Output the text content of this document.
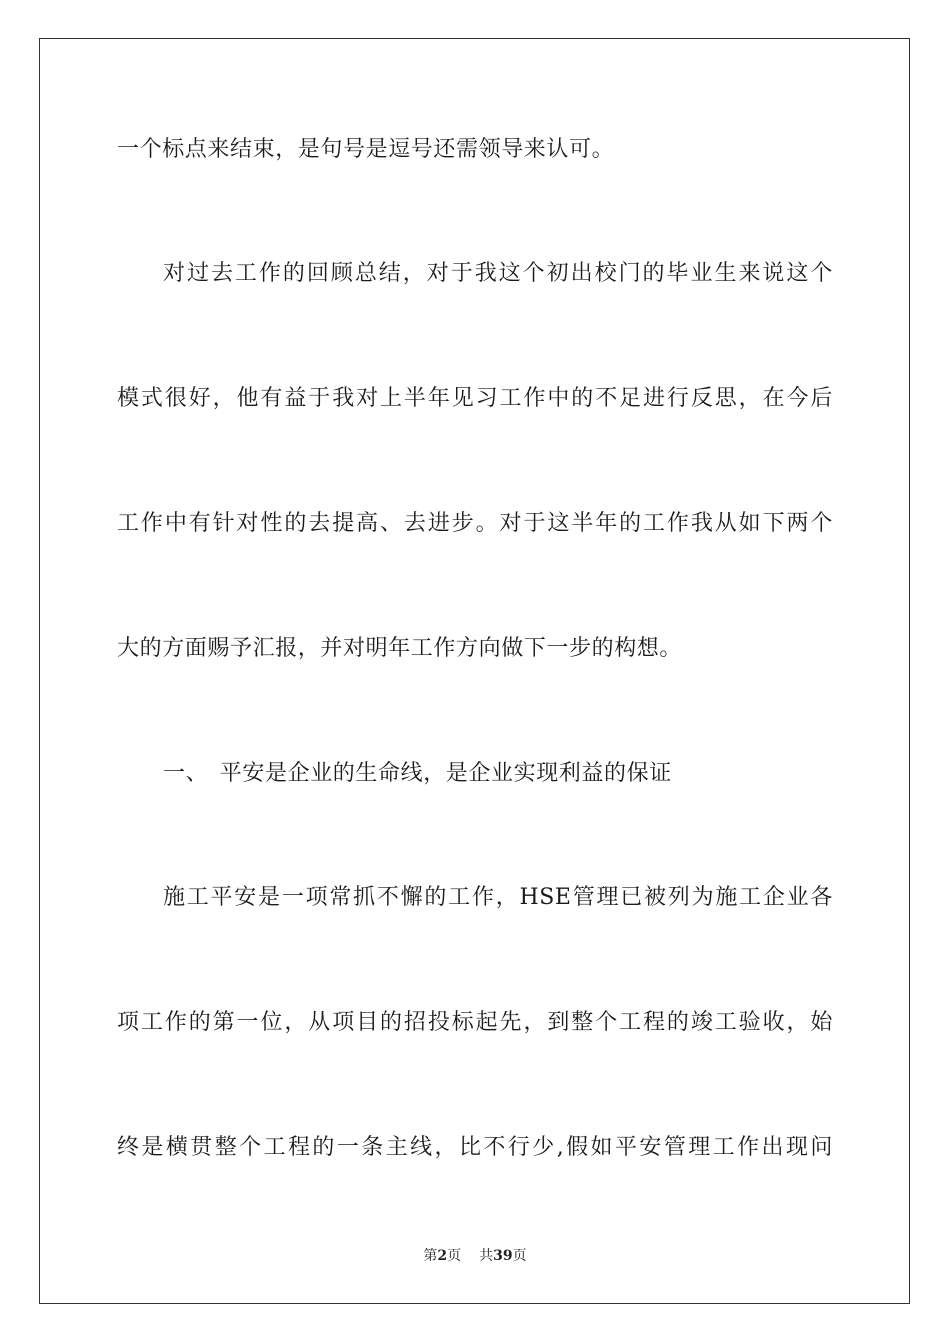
一个标点来结束，是句号是逗号还需领导来认可。
对过去工作的回顾总结，对于我这个初出校门的毕业生来说这个
模式很好，他有益于我对上半年见习工作中的不足进行反思，在今后
工作中有针对性的去提高、去进步。对于这半年的工作我从如下两个
大的方面赐予汇报，并对明年工作方向做下一步的构想。
一、　平安是企业的生命线，是企业实现利益的保证
施工平安是一项常抓不懈的工作，HSE管理已被列为施工企业各
项工作的第一位，从项目的招投标起先，到整个工程的竣工验收，始
终是横贯整个工程的一条主线，比不行少,假如平安管理工作出现问
第2页 共39页
